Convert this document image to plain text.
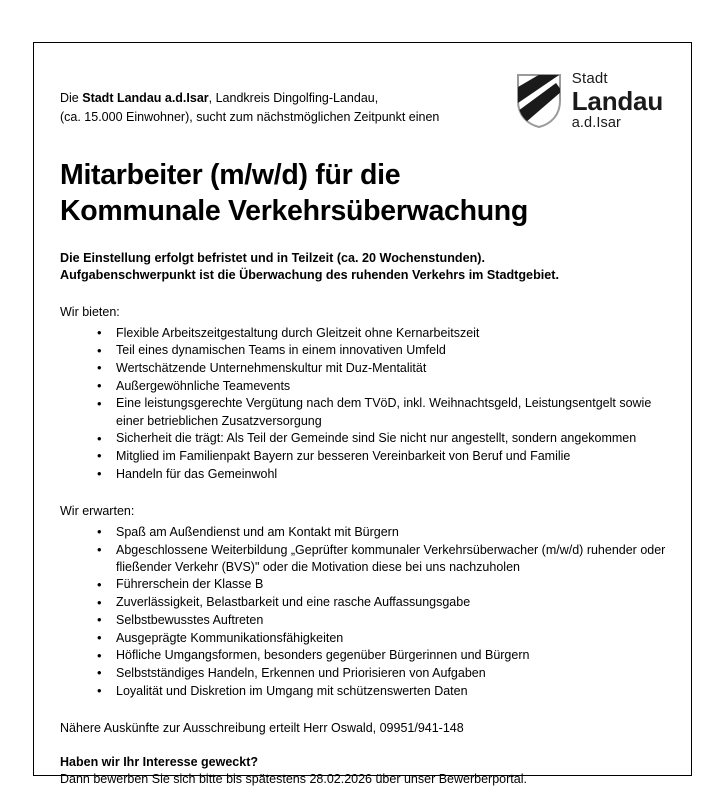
Die Stadt Landau a.d.Isar, Landkreis Dingolfing-Landau,
(ca. 15.000 Einwohner), sucht zum nächstmöglichen Zeitpunkt einen
Stadt
Landau
a.d.Isar
Mitarbeiter (m/w/d) für die
Kommunale Verkehrsüberwachung
Die Einstellung erfolgt befristet und in Teilzeit (ca. 20 Wochenstunden).
Aufgabenschwerpunkt ist die Überwachung des ruhenden Verkehrs im Stadtgebiet.
Wir bieten:
• Flexible Arbeitszeitgestaltung durch Gleitzeit ohne Kernarbeitszeit
• Teil eines dynamischen Teams in einem innovativen Umfeld
• Wertschätzende Unternehmenskultur mit Duz-Mentalität
• Außergewöhnliche Teamevents
• Eine leistungsgerechte Vergütung nach dem TVöD, inkl. Weihnachtsgeld, Leistungsentgelt sowie einer betrieblichen Zusatzversorgung
• Sicherheit die trägt: Als Teil der Gemeinde sind Sie nicht nur angestellt, sondern angekommen
• Mitglied im Familienpakt Bayern zur besseren Vereinbarkeit von Beruf und Familie
• Handeln für das Gemeinwohl
Wir erwarten:
• Spaß am Außendienst und am Kontakt mit Bürgern
• Abgeschlossene Weiterbildung „Geprüfter kommunaler Verkehrsüberwacher (m/w/d) ruhender oder fließender Verkehr (BVS)" oder die Motivation diese bei uns nachzuholen
• Führerschein der Klasse B
• Zuverlässigkeit, Belastbarkeit und eine rasche Auffassungsgabe
• Selbstbewusstes Auftreten
• Ausgeprägte Kommunikationsfähigkeiten
• Höfliche Umgangsformen, besonders gegenüber Bürgerinnen und Bürgern
• Selbstständiges Handeln, Erkennen und Priorisieren von Aufgaben
• Loyalität und Diskretion im Umgang mit schützenswerten Daten
Nähere Auskünfte zur Ausschreibung erteilt Herr Oswald, 09951/941-148
Haben wir Ihr Interesse geweckt?
Dann bewerben Sie sich bitte bis spätestens 28.02.2026 über unser Bewerberportal.
